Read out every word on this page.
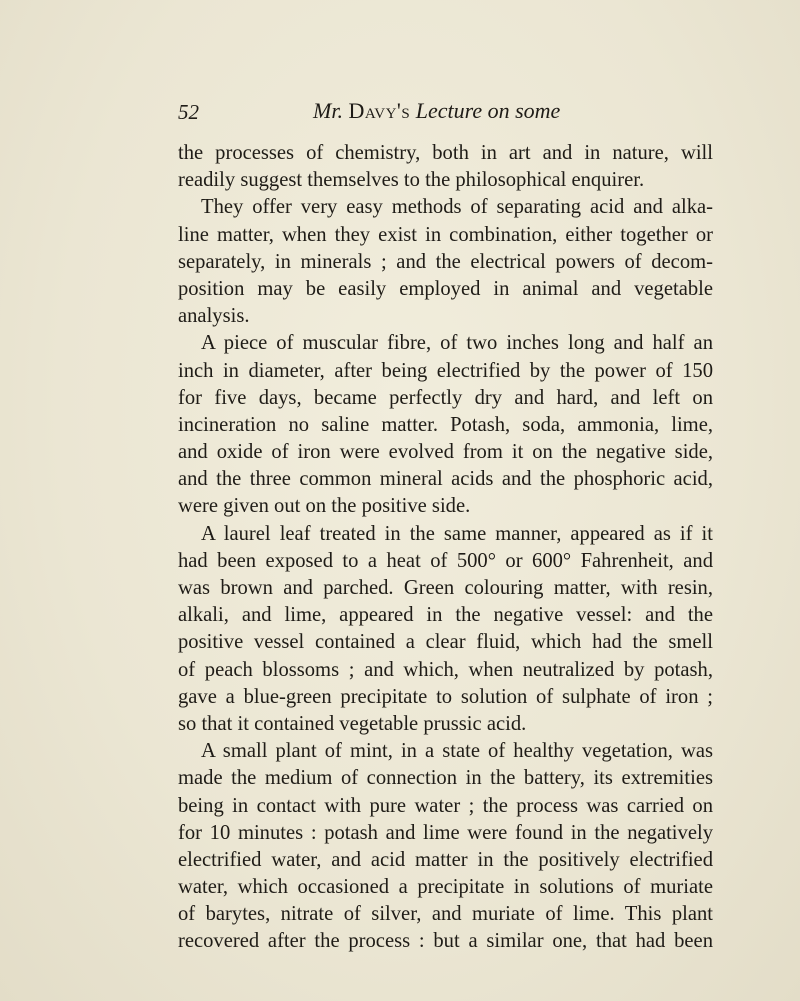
52	Mr. Davy's Lecture on some
the processes of chemistry, both in art and in nature, will
readily suggest themselves to the philosophical enquirer.
They offer very easy methods of separating acid and alka-
line matter, when they exist in combination, either together or
separately, in minerals ; and the electrical powers of decom-
position may be easily employed in animal and vegetable
analysis.
A piece of muscular fibre, of two inches long and half an
inch in diameter, after being electrified by the power of 150
for five days, became perfectly dry and hard, and left on
incineration no saline matter. Potash, soda, ammonia, lime,
and oxide of iron were evolved from it on the negative side,
and the three common mineral acids and the phosphoric acid,
were given out on the positive side.
A laurel leaf treated in the same manner, appeared as if it
had been exposed to a heat of 500° or 600° Fahrenheit, and
was brown and parched. Green colouring matter, with resin,
alkali, and lime, appeared in the negative vessel: and the
positive vessel contained a clear fluid, which had the smell
of peach blossoms ; and which, when neutralized by potash,
gave a blue-green precipitate to solution of sulphate of iron ;
so that it contained vegetable prussic acid.
A small plant of mint, in a state of healthy vegetation, was
made the medium of connection in the battery, its extremities
being in contact with pure water ; the process was carried on
for 10 minutes : potash and lime were found in the negatively
electrified water, and acid matter in the positively electrified
water, which occasioned a precipitate in solutions of muriate
of barytes, nitrate of silver, and muriate of lime. This plant
recovered after the process : but a similar one, that had been
